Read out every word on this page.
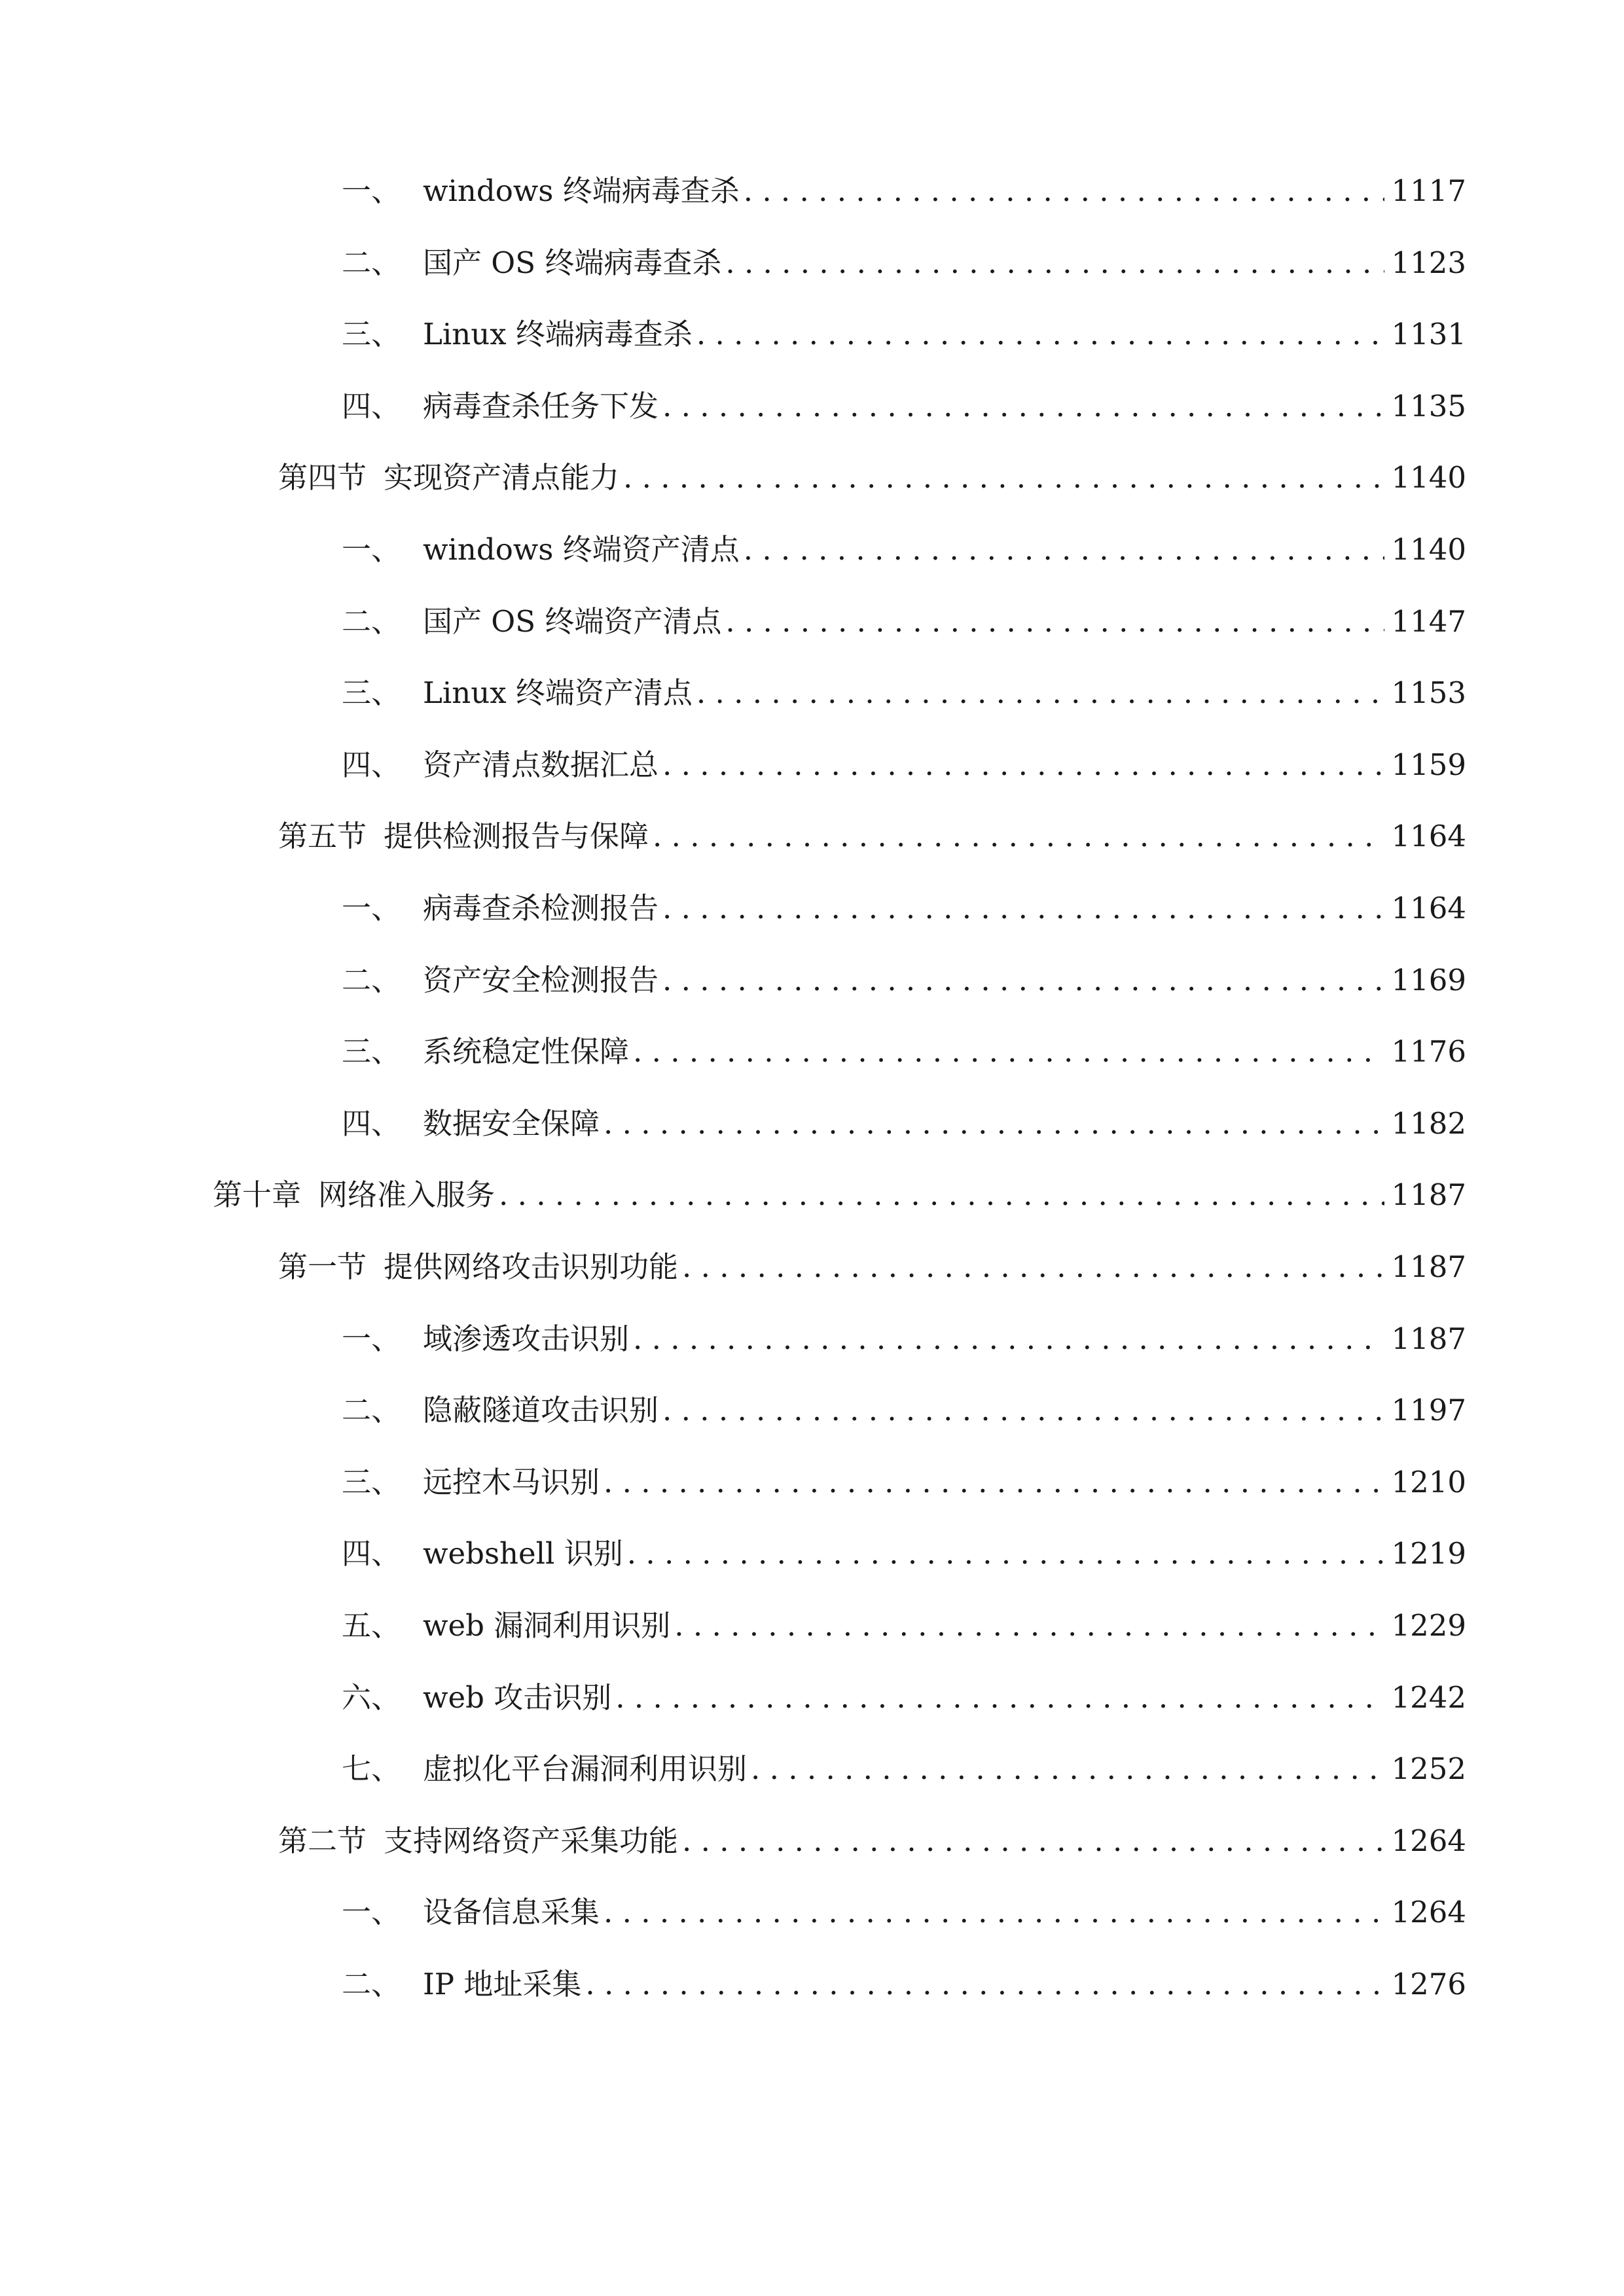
一、 windows 终端病毒查杀 . . .	1117
二、 国产 OS 终端病毒查杀 . . .	1123
三、 Linux 终端病毒查杀 . . .	1131
四、 病毒查杀任务下发 . . .	1135
第四节 实现资产清点能力 . . .	1140
一、 windows 终端资产清点 . . .	1140
二、 国产 OS 终端资产清点 . . .	1147
三、 Linux 终端资产清点 . . .	1153
四、 资产清点数据汇总 . . .	1159
第五节 提供检测报告与保障 . . .	1164
一、 病毒查杀检测报告 . . .	1164
二、 资产安全检测报告 . . .	1169
三、 系统稳定性保障 . . .	1176
四、 数据安全保障 . . .	1182
第十章 网络准入服务 . . .	1187
第一节 提供网络攻击识别功能 . . .	1187
一、 域渗透攻击识别 . . .	1187
二、 隐蔽隧道攻击识别 . . .	1197
三、 远控木马识别 . . .	1210
四、 webshell 识别 . . .	1219
五、 web 漏洞利用识别 . . .	1229
六、 web 攻击识别 . . .	1242
七、 虚拟化平台漏洞利用识别 . . .	1252
第二节 支持网络资产采集功能 . . .	1264
一、 设备信息采集 . . .	1264
二、 IP 地址采集 . . .	1276
